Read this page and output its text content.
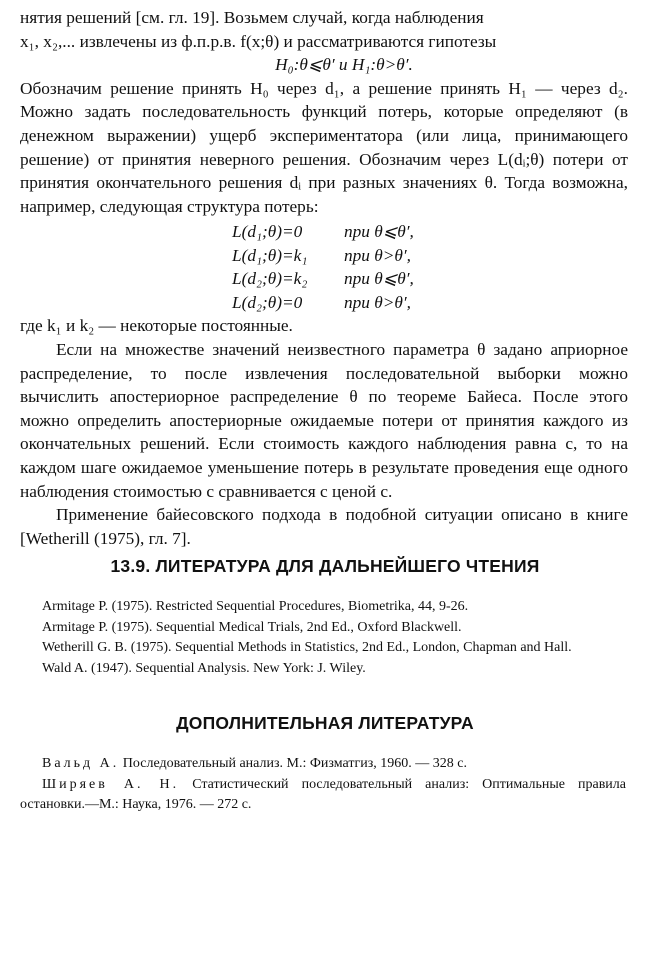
нятия решений [см. гл. 19]. Возьмем случай, когда наблюдения

x₁, x₂,... извлечены из ф.п.р.в. f(x;θ) и рассматриваются гипотезы

H₀:θ⩽θ′ и H₁:θ>θ′.

Обозначим решение принять H₀ через d₁, а решение принять H₁ — через d₂. Можно задать последовательность функций потерь, которые определяют (в денежном выражении) ущерб экспериментатора (или лица, принимающего решение) от принятия неверного решения. Обозначим через L(dᵢ;θ) потери от принятия окончательного решения dᵢ при разных значениях θ. Тогда возможна, например, следующая структура потерь:

L(d₁;θ)=0 при θ⩽θ′,
L(d₁;θ)=k₁ при θ>θ′,
L(d₂;θ)=k₂ при θ⩽θ′,
L(d₂;θ)=0 при θ>θ′,

где k₁ и k₂ — некоторые постоянные.

Если на множестве значений неизвестного параметра θ задано априорное распределение, то после извлечения последовательной выборки можно вычислить апостериорное распределение θ по теореме Байеса. После этого можно определить апостериорные ожидаемые потери от принятия каждого из окончательных решений. Если стоимость каждого наблюдения равна c, то на каждом шаге ожидаемое уменьшение потерь в результате проведения еще одного наблюдения стоимостью c сравнивается с ценой c.

Применение байесовского подхода в подобной ситуации описано в книге [Wetherill (1975), гл. 7].

13.9. ЛИТЕРАТУРА ДЛЯ ДАЛЬНЕЙШЕГО ЧТЕНИЯ

Armitage P. (1975). Restricted Sequential Procedures, Biometrika, 44, 9-26.

Armitage P. (1975). Sequential Medical Trials, 2nd Ed., Oxford Blackwell.

Wetherill G. B. (1975). Sequential Methods in Statistics, 2nd Ed., London, Chapman and Hall.

Wald A. (1947). Sequential Analysis. New York: J. Wiley.

ДОПОЛНИТЕЛЬНАЯ ЛИТЕРАТУРА

Вальд А. Последовательный анализ. М.: Физматгиз, 1960. — 328 с.

Ширяев А. Н. Статистический последовательный анализ: Оптимальные правила остановки.—М.: Наука, 1976. — 272 с.
